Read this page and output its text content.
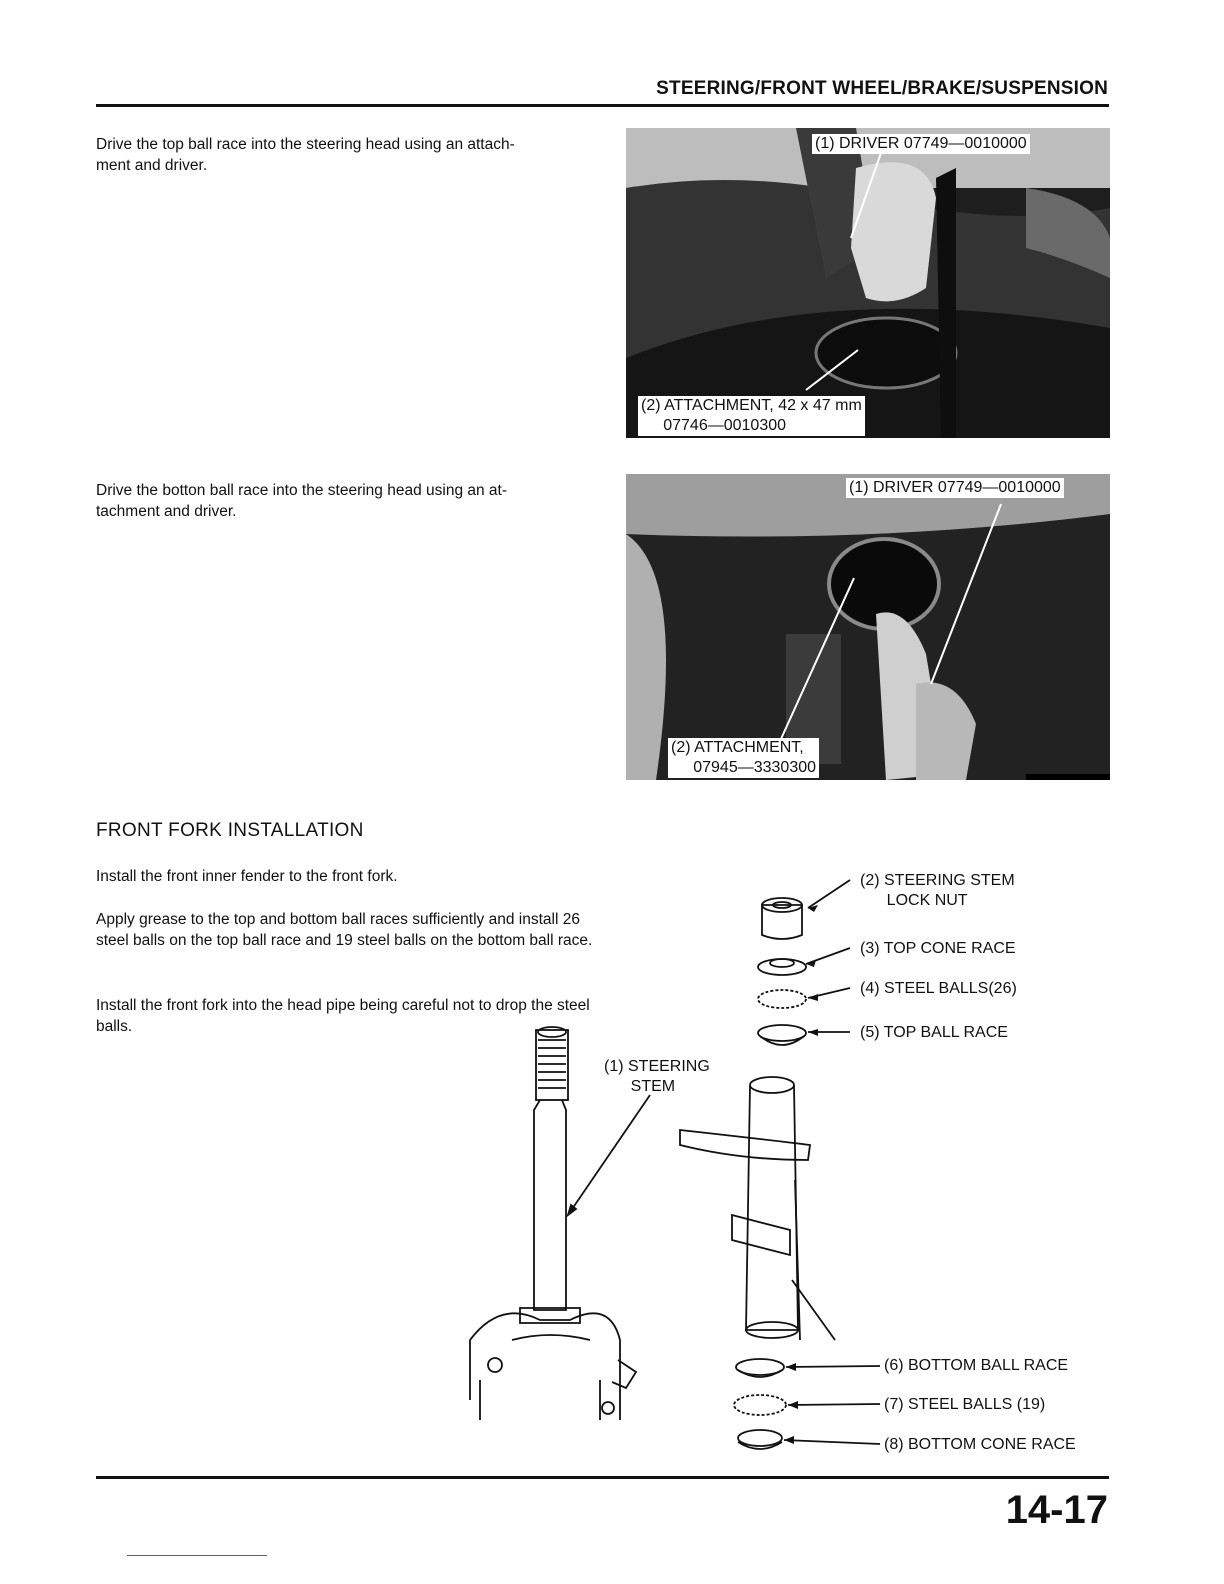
STEERING/FRONT WHEEL/BRAKE/SUSPENSION
Drive the top ball race into the steering head using an attach-
ment and driver.
(1) DRIVER 07749—0010000
(2) ATTACHMENT, 42 x 47 mm
07746—0010300
Drive the botton ball race into the steering head using an at-
tachment and driver.
(1) DRIVER 07749—0010000
(2) ATTACHMENT,
07945—3330300
FRONT FORK INSTALLATION
Install the front inner fender to the front fork.
Apply grease to the top and bottom ball races sufficiently and install 26 steel balls on the top ball race and 19 steel balls on the bottom ball race.
Install the front fork into the head pipe being careful not to drop the steel balls.
(1) STEERING
STEM
(2) STEERING STEM
LOCK NUT
(3) TOP CONE RACE
(4) STEEL BALLS(26)
(5) TOP BALL RACE
(6) BOTTOM BALL RACE
(7) STEEL BALLS (19)
(8) BOTTOM CONE RACE
14-17
